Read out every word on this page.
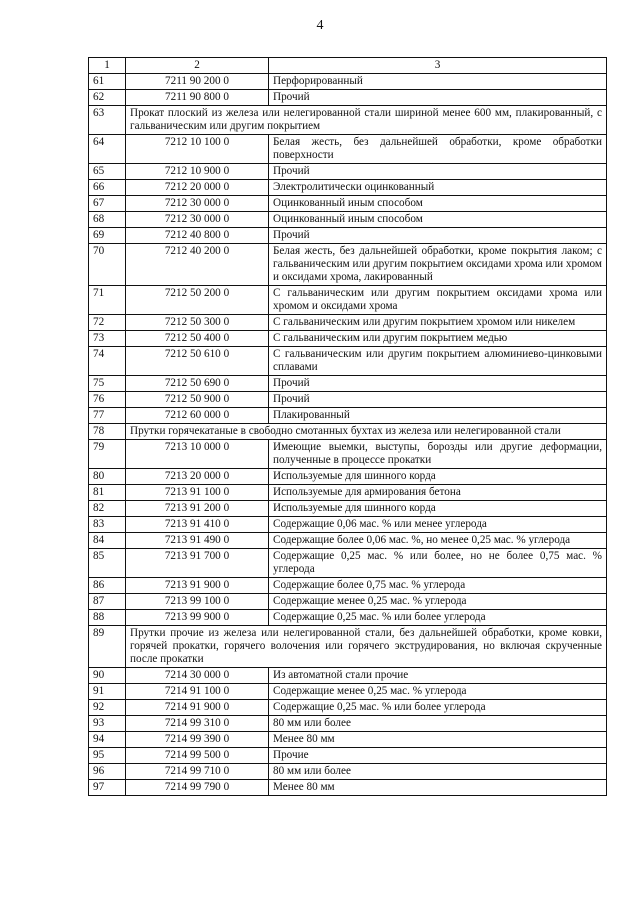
4
1	2	3
61	7211 90 200 0	Перфорированный
62	7211 90 800 0	Прочий
63	Прокат плоский из железа или нелегированной стали шириной менее 600 мм, плакированный, с гальваническим или другим покрытием	
64	7212 10 100 0	Белая жесть, без дальнейшей обработки, кроме обработки поверхности
65	7212 10 900 0	Прочий
66	7212 20 000 0	Электролитически оцинкованный
67	7212 30 000 0	Оцинкованный иным способом
68	7212 30 000 0	Оцинкованный иным способом
69	7212 40 800 0	Прочий
70	7212 40 200 0	Белая жесть, без дальнейшей обработки, кроме покрытия лаком; с гальваническим или другим покрытием оксидами хрома или хромом и оксидами хрома, лакированный
71	7212 50 200 0	С гальваническим или другим покрытием оксидами хрома или хромом и оксидами хрома
72	7212 50 300 0	С гальваническим или другим покрытием хромом или никелем
73	7212 50 400 0	С гальваническим или другим покрытием медью
74	7212 50 610 0	С гальваническим или другим покрытием алюминиево-цинковыми сплавами
75	7212 50 690 0	Прочий
76	7212 50 900 0	Прочий
77	7212 60 000 0	Плакированный
78	Прутки горячекатаные в свободно смотанных бухтах из железа или нелегированной стали	
79	7213 10 000 0	Имеющие выемки, выступы, борозды или другие деформации, полученные в процессе прокатки
80	7213 20 000 0	Используемые для шинного корда
81	7213 91 100 0	Используемые для армирования бетона
82	7213 91 200 0	Используемые для шинного корда
83	7213 91 410 0	Содержащие 0,06 мас. % или менее углерода
84	7213 91 490 0	Содержащие более 0,06 мас. %, но менее 0,25 мас. % углерода
85	7213 91 700 0	Содержащие 0,25 мас. % или более, но не более 0,75 мас. % углерода
86	7213 91 900 0	Содержащие более 0,75 мас. % углерода
87	7213 99 100 0	Содержащие менее 0,25 мас. % углерода
88	7213 99 900 0	Содержащие 0,25 мас. % или более углерода
89	Прутки прочие из железа или нелегированной стали, без дальнейшей обработки, кроме ковки, горячей прокатки, горячего волочения или горячего экструдирования, но включая скрученные после прокатки	
90	7214 30 000 0	Из автоматной стали прочие
91	7214 91 100 0	Содержащие менее 0,25 мас. % углерода
92	7214 91 900 0	Содержащие 0,25 мас. % или более углерода
93	7214 99 310 0	80 мм или более
94	7214 99 390 0	Менее 80 мм
95	7214 99 500 0	Прочие
96	7214 99 710 0	80 мм или более
97	7214 99 790 0	Менее 80 мм
